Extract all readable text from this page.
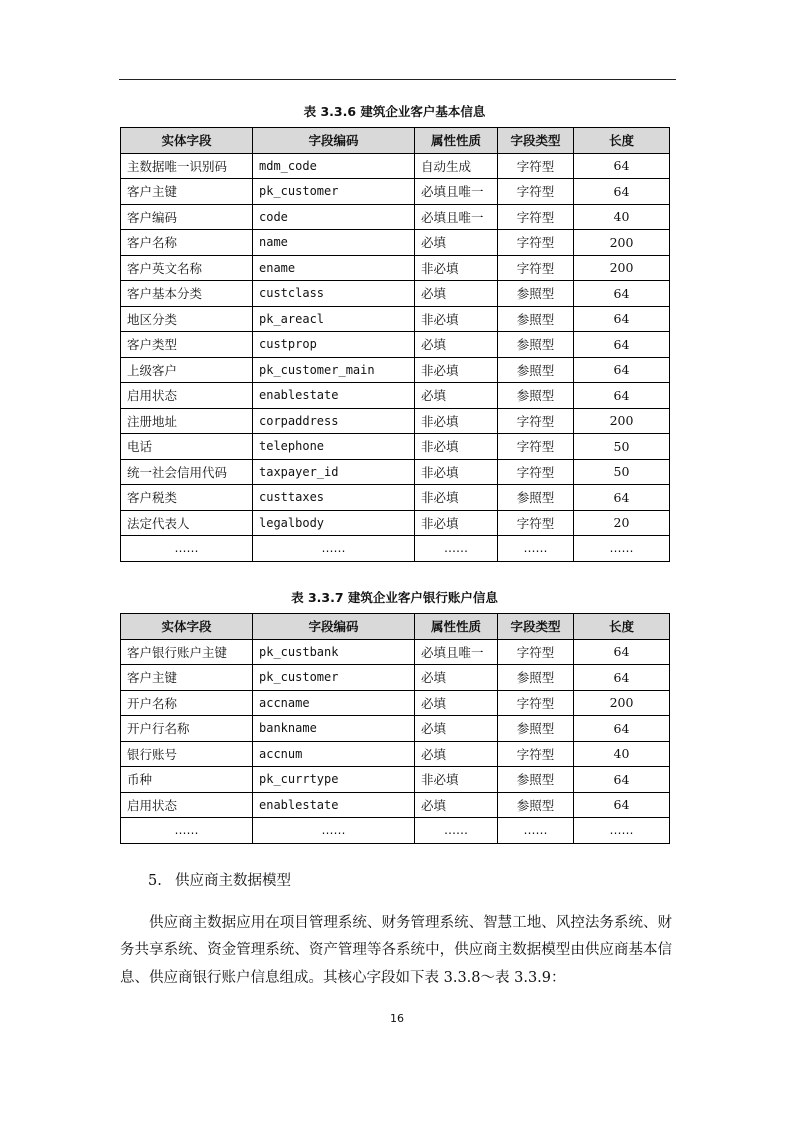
表 3.3.6 建筑企业客户基本信息
实体字段	字段编码	属性性质	字段类型	长度
主数据唯一识别码	mdm_code	自动生成	字符型	64
客户主键	pk_customer	必填且唯一	字符型	64
客户编码	code	必填且唯一	字符型	40
客户名称	name	必填	字符型	200
客户英文名称	ename	非必填	字符型	200
客户基本分类	custclass	必填	参照型	64
地区分类	pk_areacl	非必填	参照型	64
客户类型	custprop	必填	参照型	64
上级客户	pk_customer_main	非必填	参照型	64
启用状态	enablestate	必填	参照型	64
注册地址	corpaddress	非必填	字符型	200
电话	telephone	非必填	字符型	50
统一社会信用代码	taxpayer_id	非必填	字符型	50
客户税类	custtaxes	非必填	参照型	64
法定代表人	legalbody	非必填	字符型	20
……	……	……	……	……
表 3.3.7 建筑企业客户银行账户信息
实体字段	字段编码	属性性质	字段类型	长度
客户银行账户主键	pk_custbank	必填且唯一	字符型	64
客户主键	pk_customer	必填	参照型	64
开户名称	accname	必填	字符型	200
开户行名称	bankname	必填	参照型	64
银行账号	accnum	必填	字符型	40
币种	pk_currtype	非必填	参照型	64
启用状态	enablestate	必填	参照型	64
……	……	……	……	……
5. 供应商主数据模型
供应商主数据应用在项目管理系统、财务管理系统、智慧工地、风控法务系统、财务共享系统、资金管理系统、资产管理等各系统中，供应商主数据模型由供应商基本信息、供应商银行账户信息组成。其核心字段如下表 3.3.8～表 3.3.9：
16
